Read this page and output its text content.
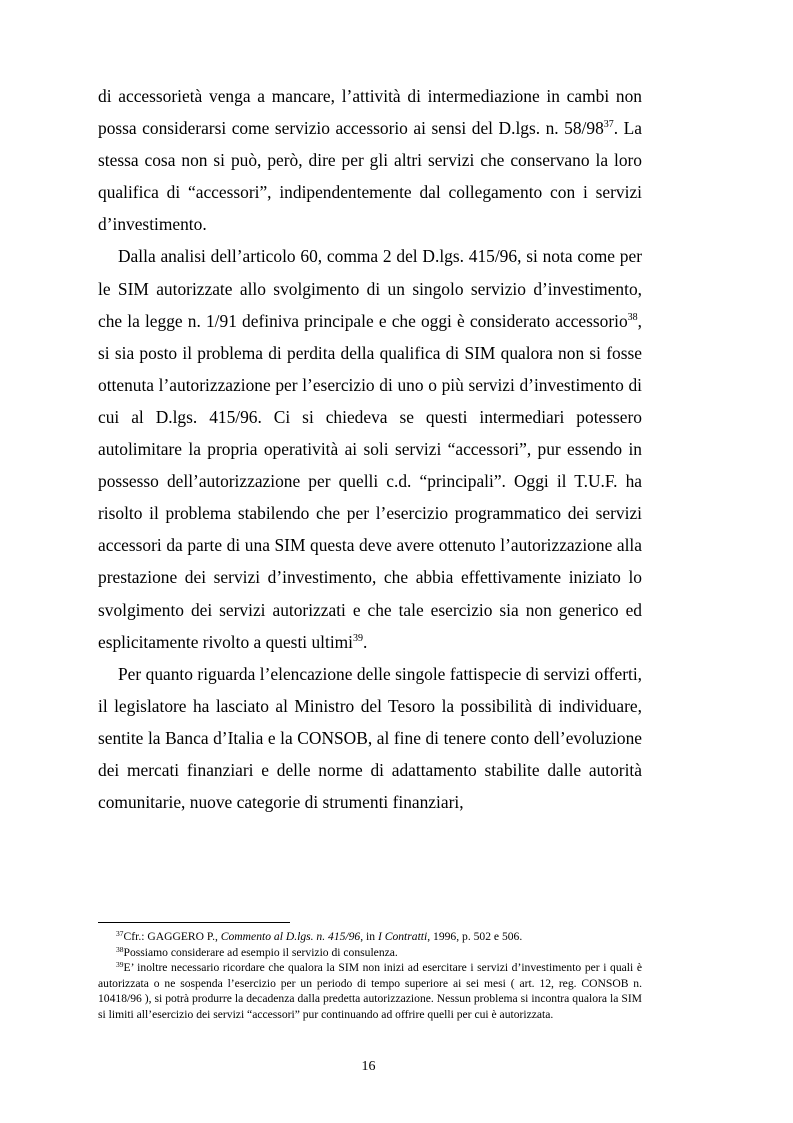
di accessorietà venga a mancare, l’attività di intermediazione in cambi non possa considerarsi come servizio accessorio ai sensi del D.lgs. n. $58/98^{37}$. La stessa cosa non si può, però, dire per gli altri servizi che conservano la loro qualifica di “accessori”, indipendentemente dal collegamento con i servizi d’investimento.

Dalla analisi dell’articolo 60, comma 2 del D.lgs. 415/96, si nota come per le SIM autorizzate allo svolgimento di un singolo servizio d’investimento, che la legge n. 1/91 definiva principale e che oggi è considerato accessorio$^{38}$, si sia posto il problema di perdita della qualifica di SIM qualora non si fosse ottenuta l’autorizzazione per l’esercizio di uno o più servizi d’investimento di cui al D.lgs. 415/96. Ci si chiedeva se questi intermediari potessero autolimitare la propria operatività ai soli servizi “accessori”, pur essendo in possesso dell’autorizzazione per quelli c.d. “principali”. Oggi il T.U.F. ha risolto il problema stabilendo che per l’esercizio programmatico dei servizi accessori da parte di una SIM questa deve avere ottenuto l’autorizzazione alla prestazione dei servizi d’investimento, che abbia effettivamente iniziato lo svolgimento dei servizi autorizzati e che tale esercizio sia non generico ed esplicitamente rivolto a questi ultimi$^{39}$.

Per quanto riguarda l’elencazione delle singole fattispecie di servizi offerti, il legislatore ha lasciato al Ministro del Tesoro la possibilità di individuare, sentite la Banca d’Italia e la CONSOB, al fine di tenere conto dell’evoluzione dei mercati finanziari e delle norme di adattamento stabilite dalle autorità comunitarie, nuove categorie di strumenti finanziari,

$^{37}$Cfr.: GAGGERO P., Commento al D.lgs. n. 415/96, in I Contratti, 1996, p. 502 e 506.

$^{38}$Possiamo considerare ad esempio il servizio di consulenza.

$^{39}$E’ inoltre necessario ricordare che qualora la SIM non inizi ad esercitare i servizi d’investimento per i quali è autorizzata o ne sospenda l’esercizio per un periodo di tempo superiore ai sei mesi ( art. 12, reg. CONSOB n. 10418/96 ), si potrà produrre la decadenza dalla predetta autorizzazione. Nessun problema si incontra qualora la SIM si limiti all’esercizio dei servizi “accessori” pur continuando ad offrire quelli per cui è autorizzata.

16
